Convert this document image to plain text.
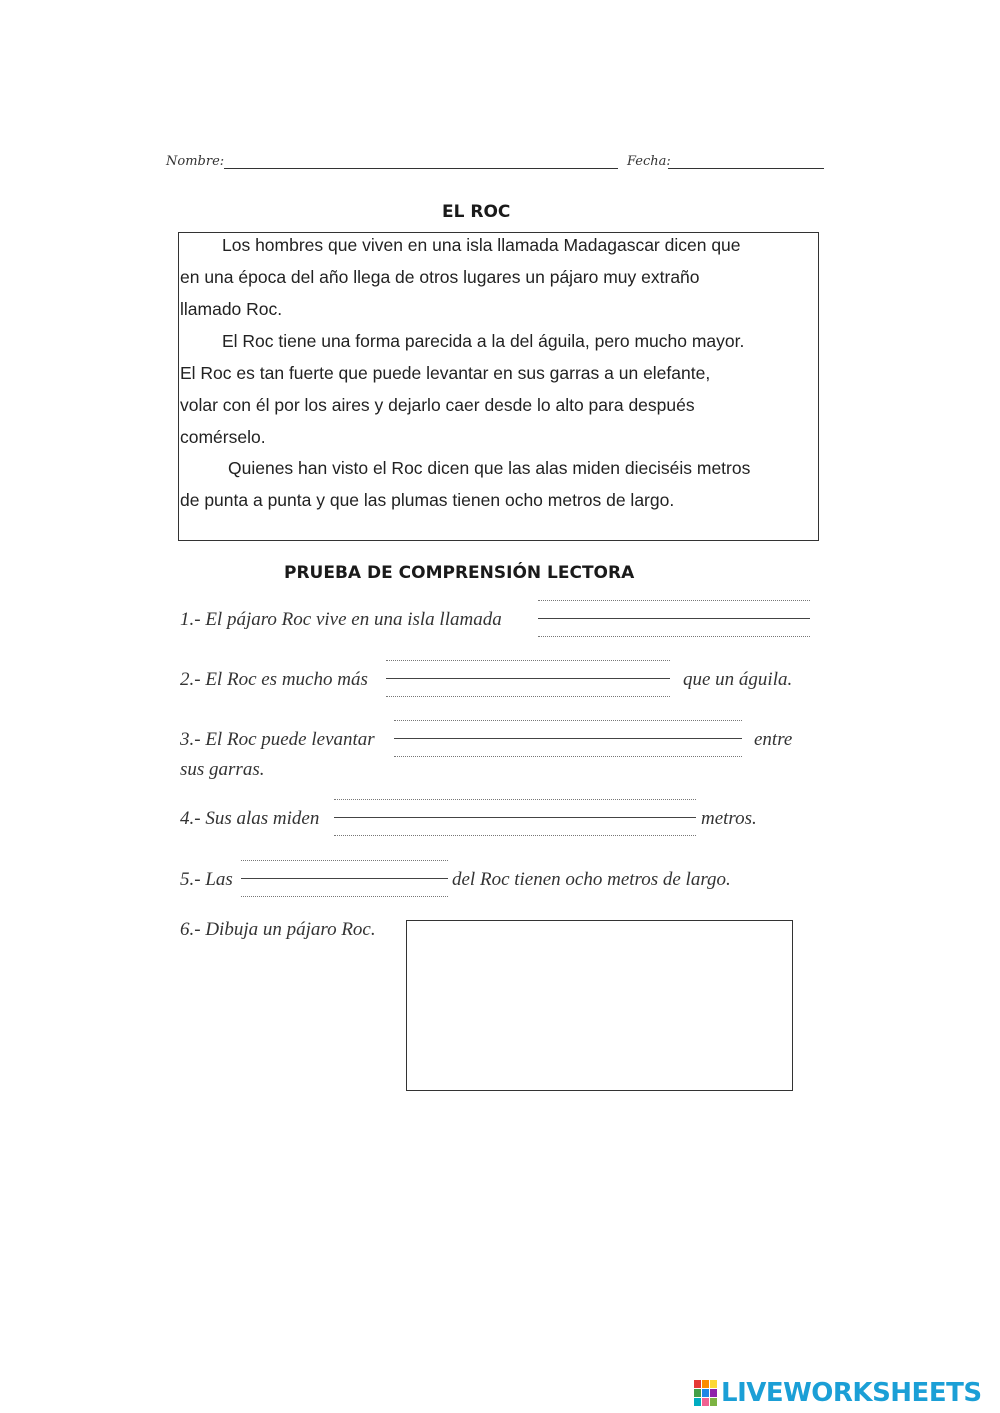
Nombre:	Fecha:
EL ROC
Los hombres que viven en una isla llamada Madagascar dicen que
en una época del año llega de otros lugares un pájaro muy extraño
llamado Roc.
El Roc tiene una forma parecida a la del águila, pero mucho mayor.
El Roc es tan fuerte que puede levantar en sus garras a un elefante,
volar con él por los aires y dejarlo caer desde lo alto para después
comérselo.
Quienes han visto el Roc dicen que las alas miden dieciséis metros
de punta a punta y que las plumas tienen ocho metros de largo.
PRUEBA DE COMPRENSIÓN LECTORA
1.- El pájaro Roc vive en una isla llamada
2.- El Roc es mucho más	que un águila.
3.- El Roc puede levantar	entre
sus garras.
4.- Sus alas miden	metros.
5.- Las	del Roc tienen ocho metros de largo.
6.- Dibuja un pájaro Roc.
LIVEWORKSHEETS
